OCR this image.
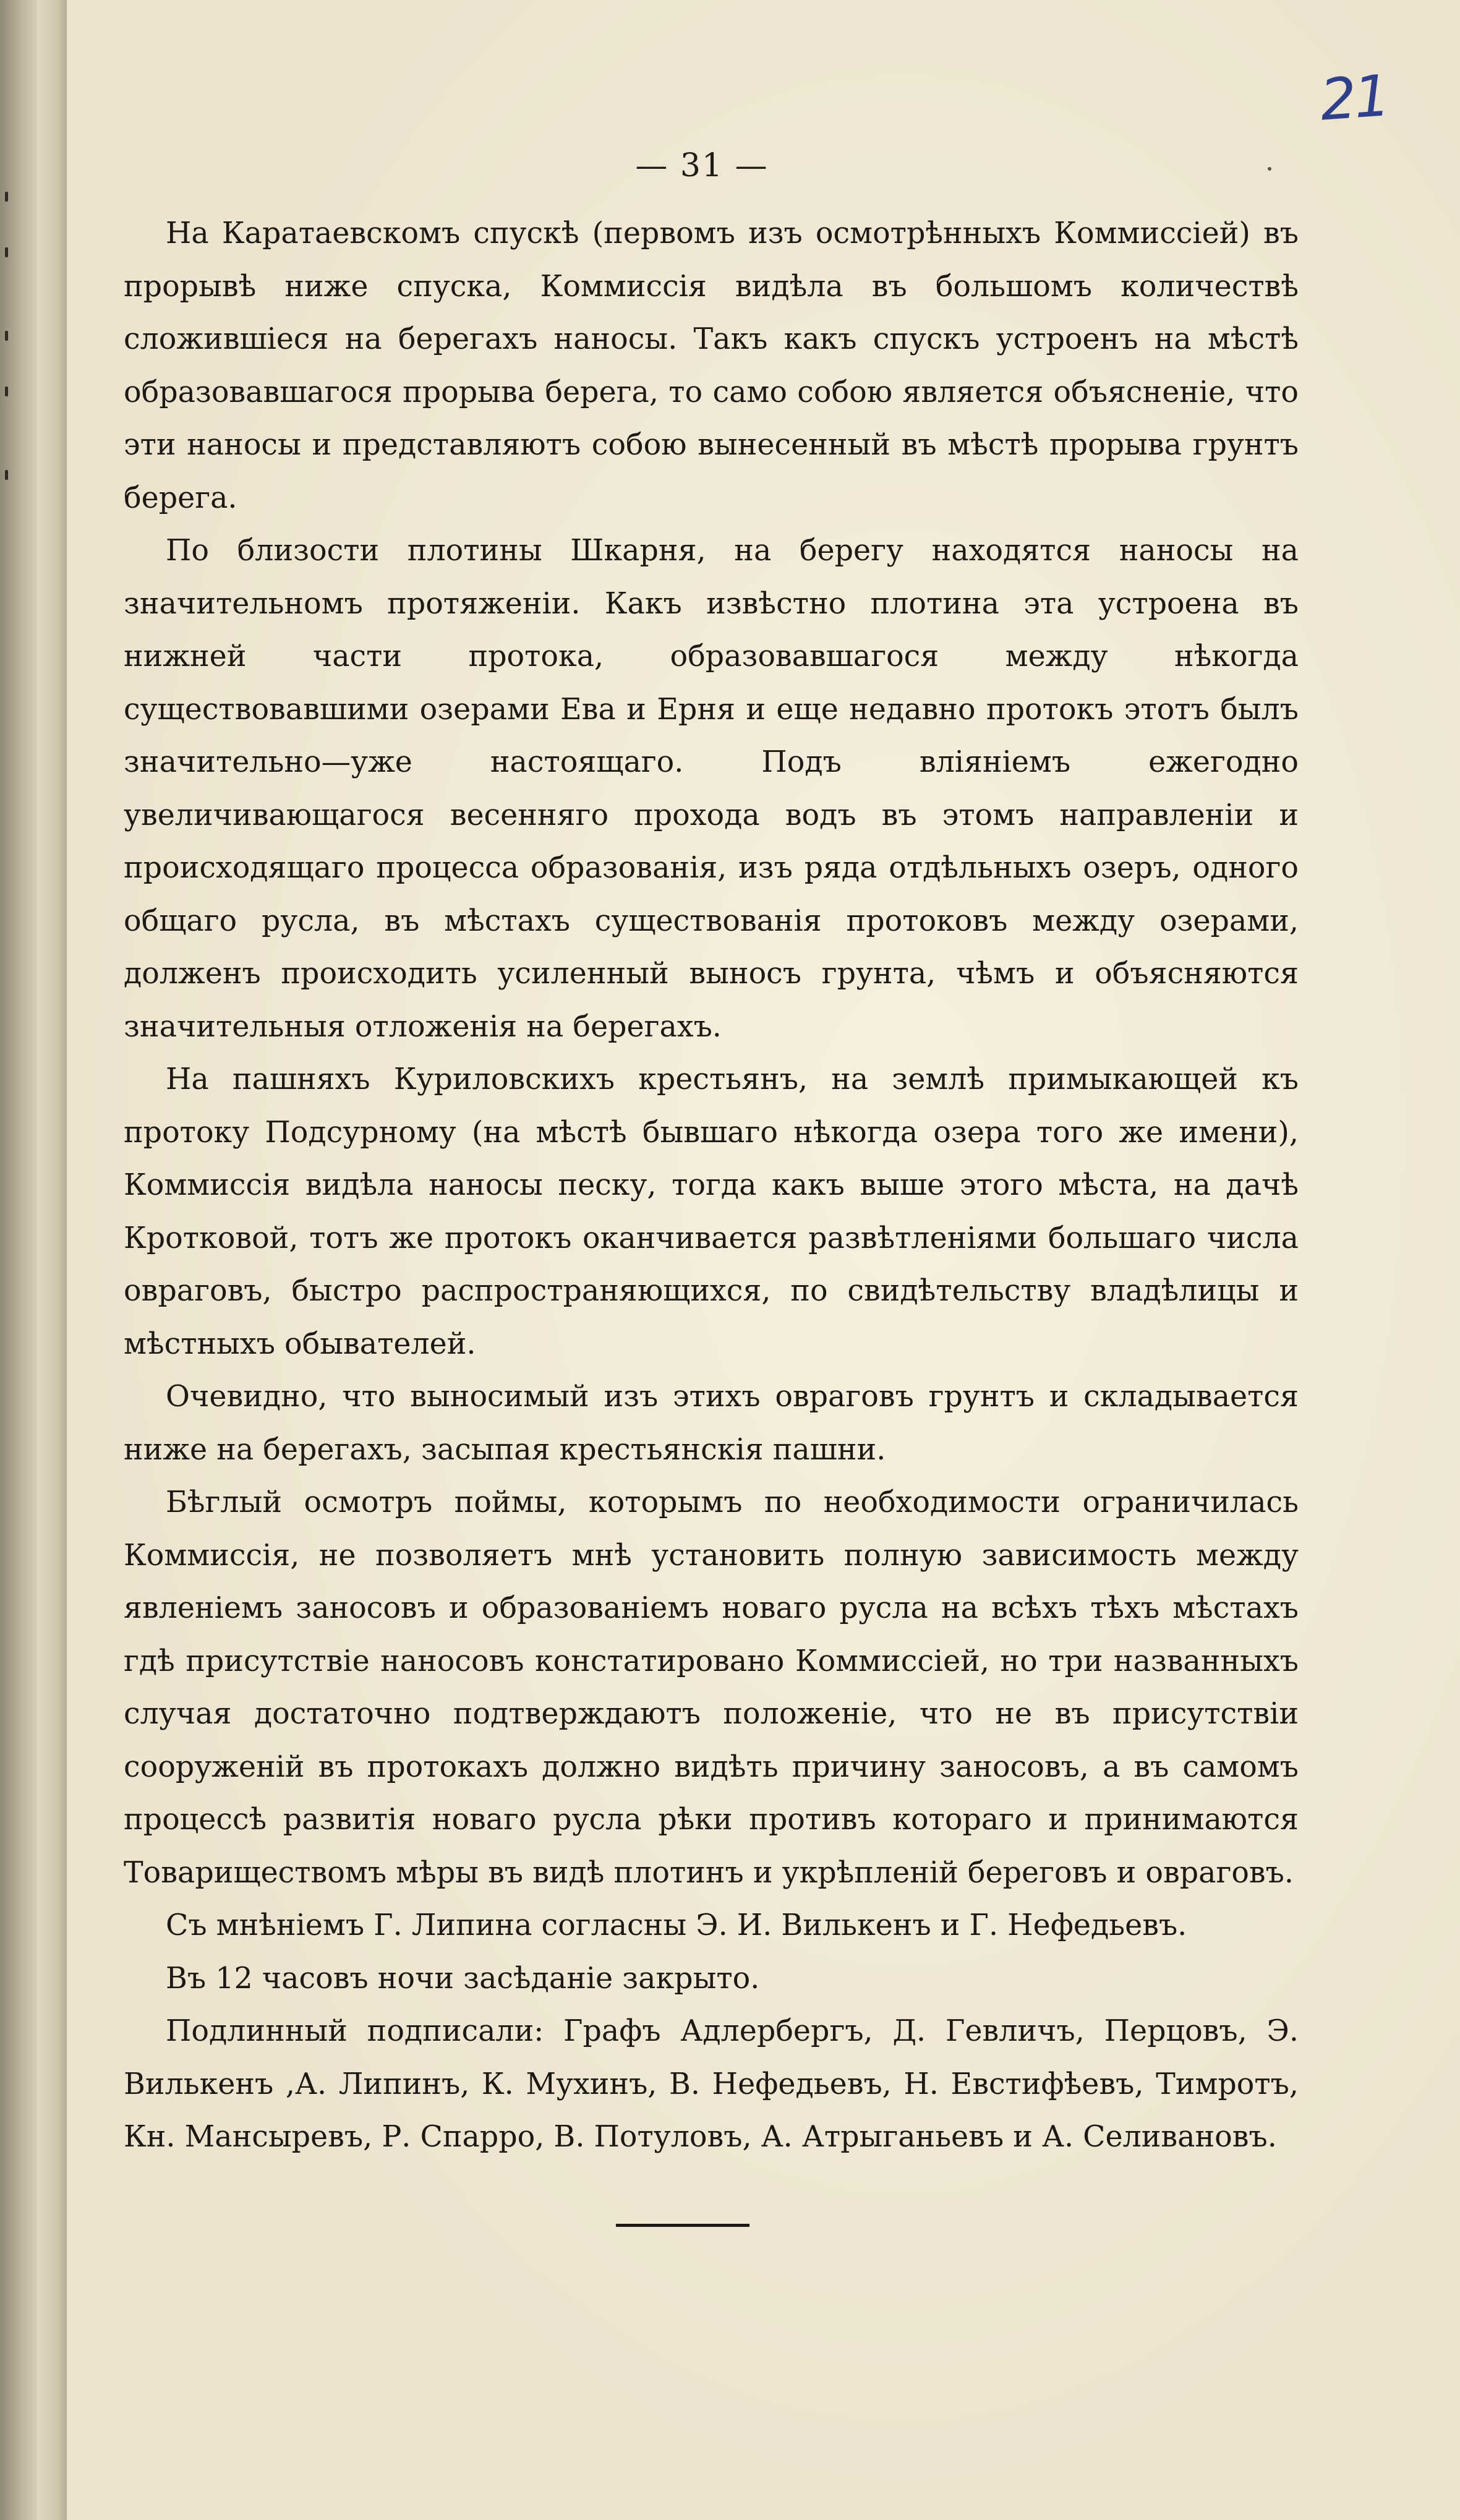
21
— 31 —

На Каратаевскомъ спускѣ (первомъ изъ осмотрѣнныхъ Коммиссiей) въ прорывѣ ниже спуска, Коммиссiя видѣла въ большомъ количествѣ сложившiеся на берегахъ наносы. Такъ какъ спускъ устроенъ на мѣстѣ образовавшагося прорыва берега, то само собою является объясненiе, что эти наносы и представляютъ собою вынесенный въ мѣстѣ прорыва грунтъ берега.

По близости плотины Шкарня, на берегу находятся наносы на значительномъ протяженiи. Какъ извѣстно плотина эта устроена въ нижней части протока, образовавшагося между нѣкогда существовавшими озерами Ева и Ерня и еще недавно протокъ этотъ былъ значительно—уже настоящаго. Подъ влiянiемъ ежегодно увеличивающагося весенняго прохода водъ въ этомъ направленiи и происходящаго процесса образованiя, изъ ряда отдѣльныхъ озеръ, одного общагo русла, въ мѣстахъ существованiя протоковъ между озерами, долженъ происходить усиленный выносъ грунта, чѣмъ и объясняются значительныя отложенiя на берегахъ.

На пашняхъ Куриловскихъ крестьянъ, на землѣ примыкающей къ протоку Подсурному (на мѣстѣ бывшаго нѣкогда озера того же имени), Коммиссiя видѣла наносы песку, тогда какъ выше этого мѣста, на дачѣ Кротковой, тотъ же протокъ оканчивается развѣтленiями большаго числа овраговъ, быстро распространяющихся, по свидѣтельству владѣлицы и мѣстныхъ обывателей.

Очевидно, что выносимый изъ этихъ овраговъ грунтъ и складывается ниже на берегахъ, засыпая крестьянскiя пашни.

Бѣглый осмотръ поймы, которымъ по необходимости ограничилась Коммиссiя, не позволяетъ мнѣ установить полную зависимость между явленiемъ заносовъ и образованiемъ новаго русла на всѣхъ тѣхъ мѣстахъ гдѣ присутствiе наносовъ констатировано Коммиссiей, но три названныхъ случая достаточно подтверждаютъ положенiе, что не въ присутствiи сооруженiй въ протокахъ должно видѣть причину заносовъ, а въ самомъ процессѣ развитiя новаго русла рѣки противъ котораго и принимаются Товариществомъ мѣры въ видѣ плотинъ и укрѣпленiй береговъ и овраговъ.

Съ мнѣнiемъ Г. Липина согласны Э. И. Вилькенъ и Г. Нефедьевъ.

Въ 12 часовъ ночи засѣданiе закрыто.

Подлинный подписали: Графъ Адлербергъ, Д. Гевличъ, Перцовъ, Э. Вилькенъ ,А. Липинъ, К. Мухинъ, В. Нефедьевъ, Н. Евстифѣевъ, Тимротъ, Кн. Мансыревъ, Р. Спарро, В. Потуловъ, А. Атрыганьевъ и А. Селивановъ.
